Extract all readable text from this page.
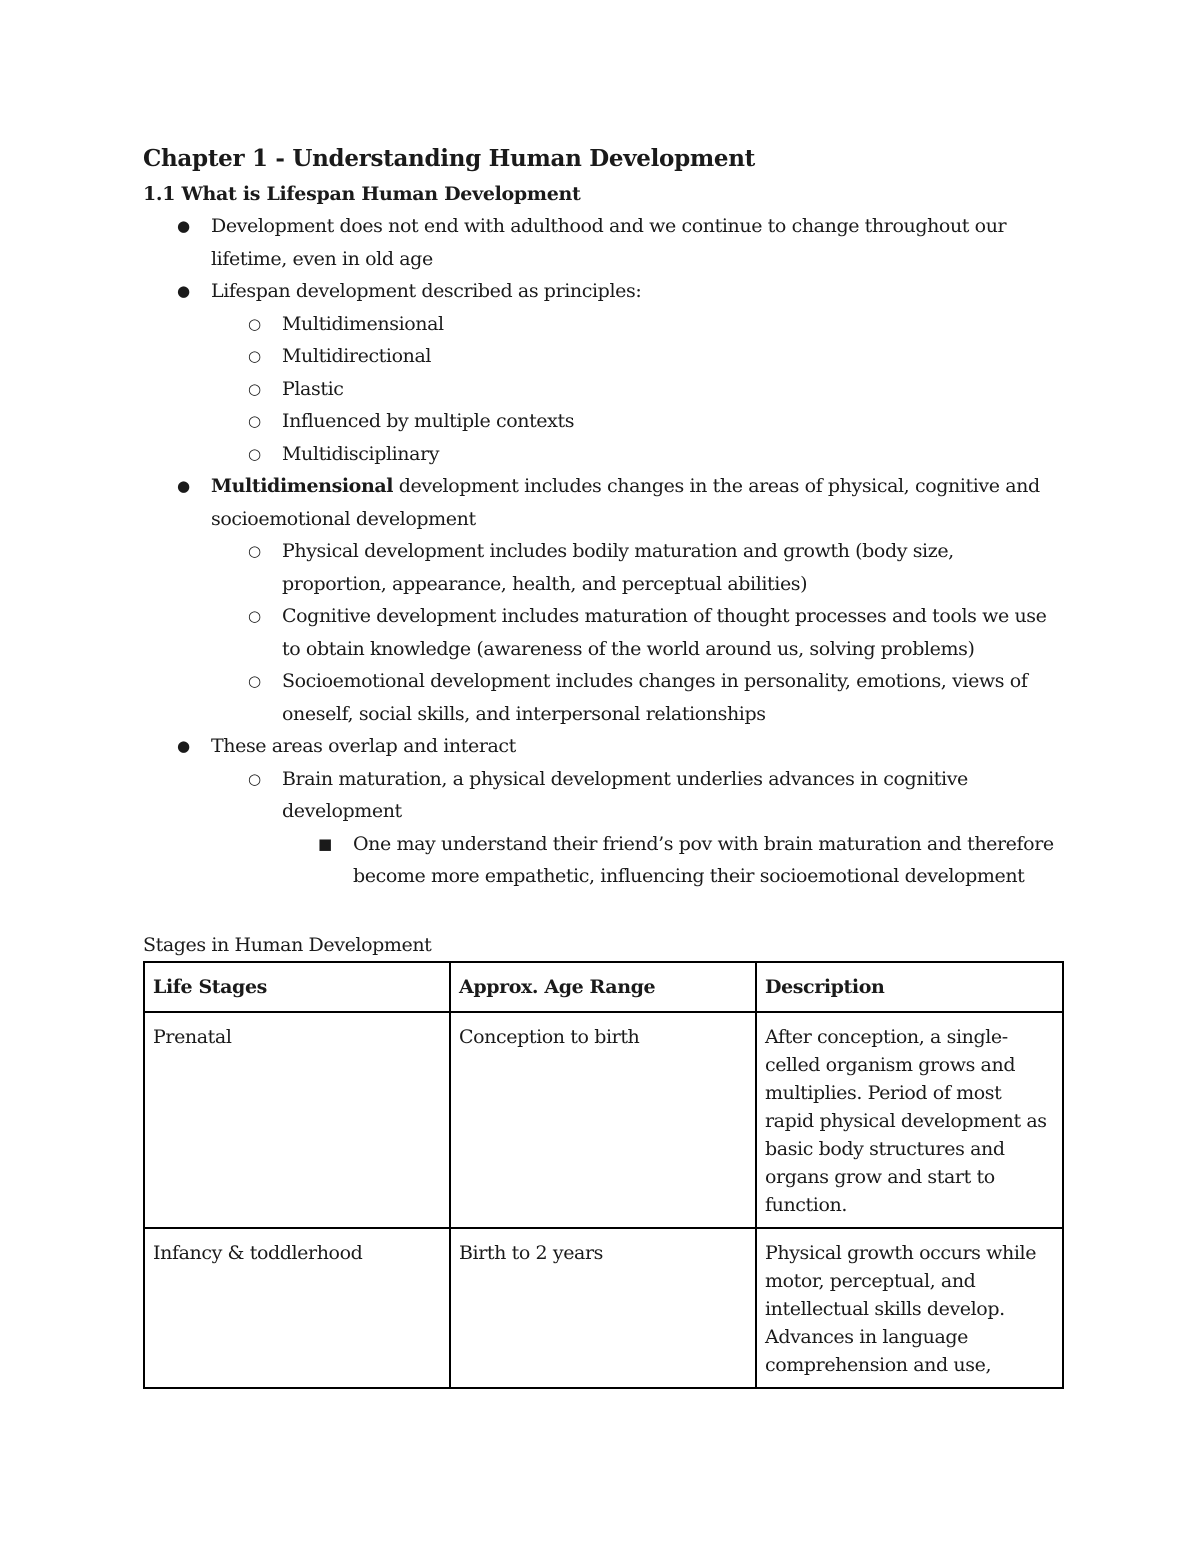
Chapter 1 - Understanding Human Development
1.1 What is Lifespan Human Development
● Development does not end with adulthood and we continue to change throughout our lifetime, even in old age
● Lifespan development described as principles:
○ Multidimensional
○ Multidirectional
○ Plastic
○ Influenced by multiple contexts
○ Multidisciplinary
● Multidimensional development includes changes in the areas of physical, cognitive and socioemotional development
○ Physical development includes bodily maturation and growth (body size, proportion, appearance, health, and perceptual abilities)
○ Cognitive development includes maturation of thought processes and tools we use to obtain knowledge (awareness of the world around us, solving problems)
○ Socioemotional development includes changes in personality, emotions, views of oneself, social skills, and interpersonal relationships
● These areas overlap and interact
○ Brain maturation, a physical development underlies advances in cognitive development
■ One may understand their friend’s pov with brain maturation and therefore become more empathetic, influencing their socioemotional development
Stages in Human Development
Life Stages	Approx. Age Range	Description
Prenatal	Conception to birth	After conception, a single-celled organism grows and multiplies. Period of most rapid physical development as basic body structures and organs grow and start to function.
Infancy & toddlerhood	Birth to 2 years	Physical growth occurs while motor, perceptual, and intellectual skills develop. Advances in language comprehension and use,
